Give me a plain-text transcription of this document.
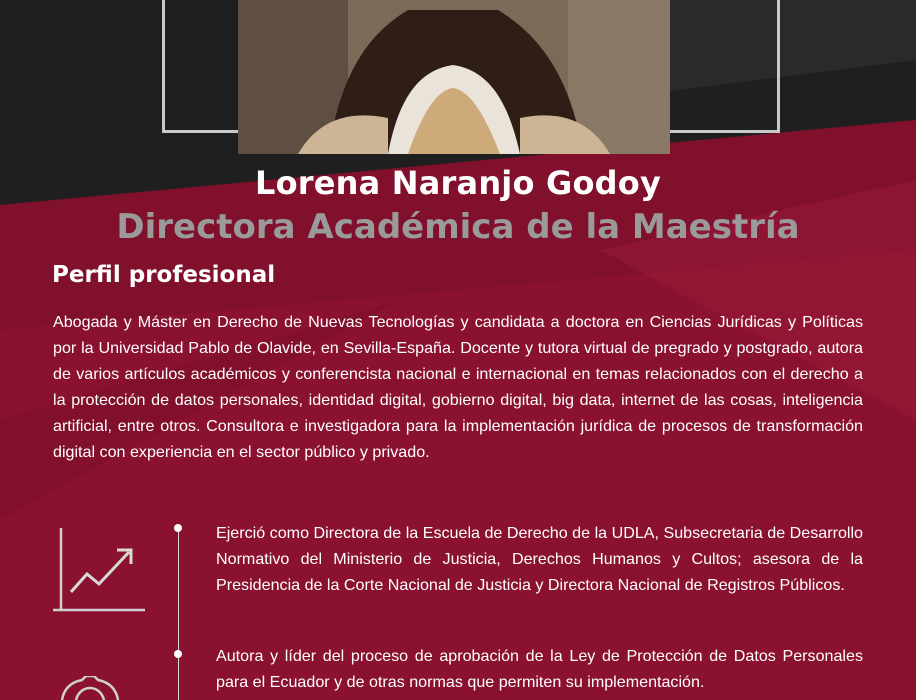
Lorena Naranjo Godoy
Directora Académica de la Maestría
Perfil profesional
Abogada y Máster en Derecho de Nuevas Tecnologías y candidata a doctora en Ciencias Jurídicas y Políticas por la Universidad Pablo de Olavide, en Sevilla-España. Docente y tutora virtual de pregrado y postgrado, autora de varios artículos académicos y conferencista nacional e internacional en temas relacionados con el derecho a la protección de datos personales, identidad digital, gobierno digital, big data, internet de las cosas, inteligencia artificial, entre otros. Consultora e investigadora para la implementación jurídica de procesos de transformación digital con experiencia en el sector público y privado.
Ejerció como Directora de la Escuela de Derecho de la UDLA, Subsecretaria de Desarrollo Normativo del Ministerio de Justicia, Derechos Humanos y Cultos; asesora de la Presidencia de la Corte Nacional de Justicia y Directora Nacional de Registros Públicos.
Autora y líder del proceso de aprobación de la Ley de Protección de Datos Personales para el Ecuador y de otras normas que permiten su implementación.
